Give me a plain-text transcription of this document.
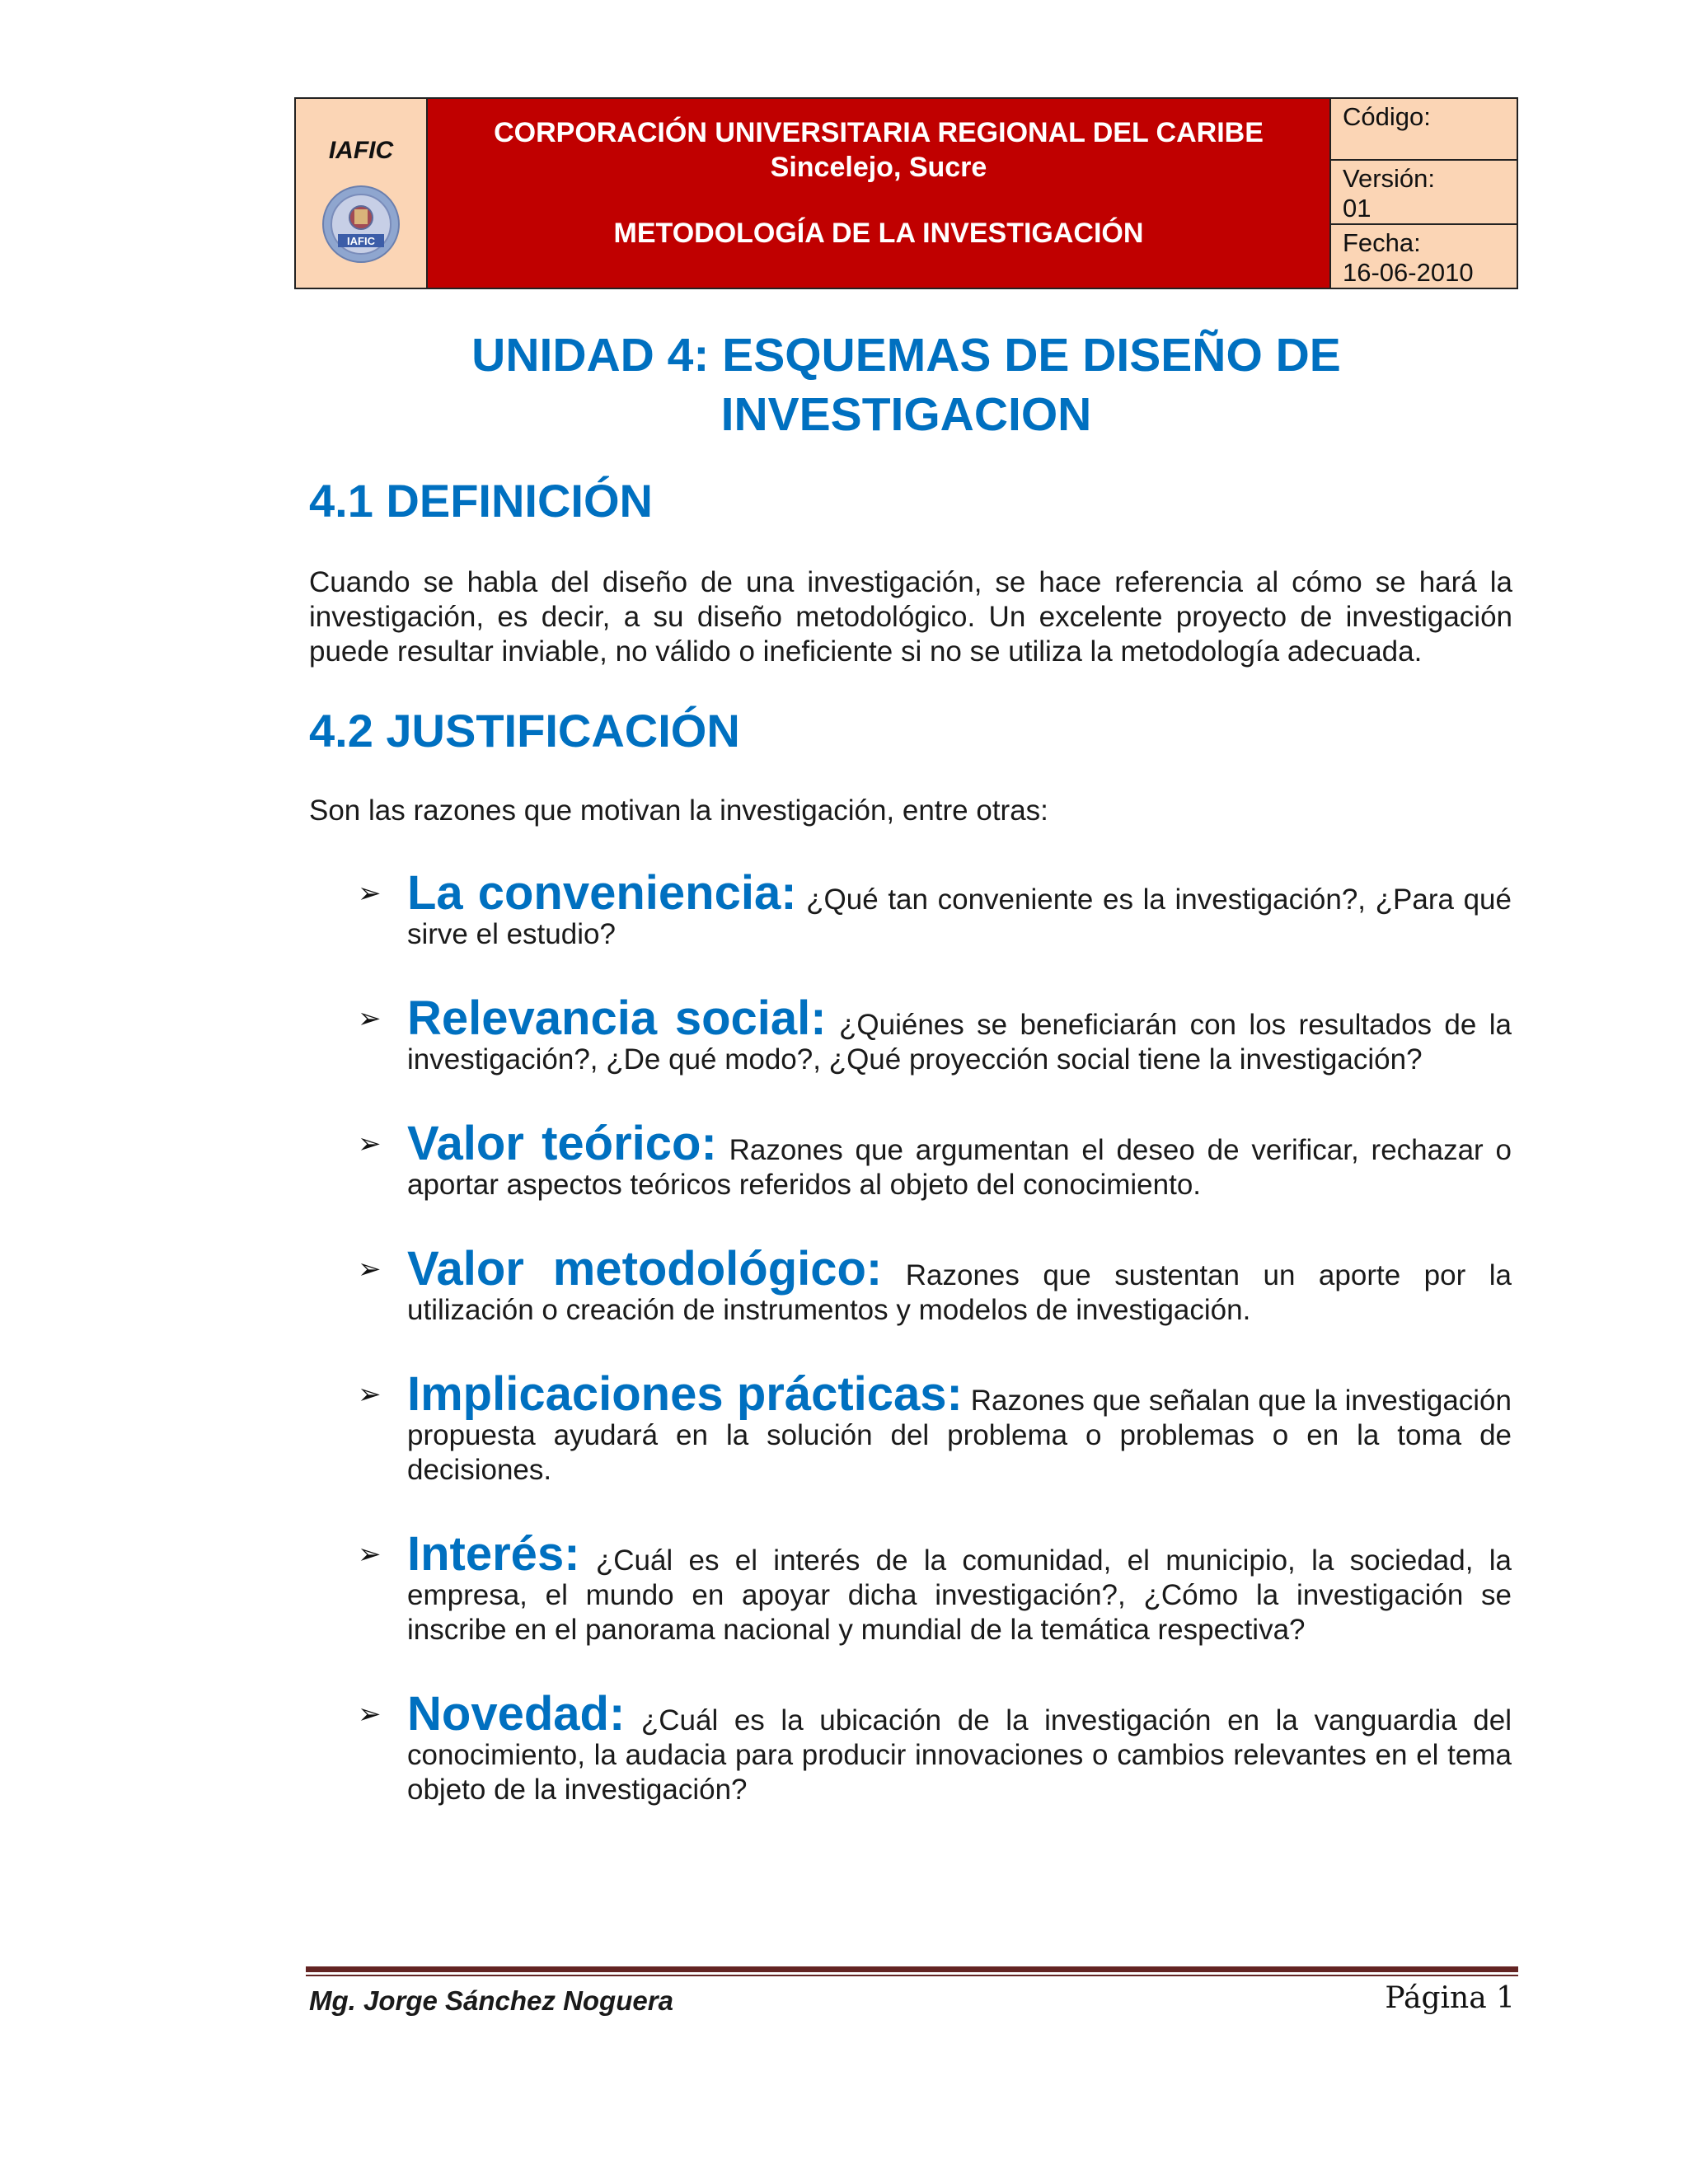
IAFIC
IAFIC
CORPORACIÓN UNIVERSITARIA REGIONAL DEL CARIBE
Sincelejo, Sucre
METODOLOGÍA DE LA INVESTIGACIÓN
Código:
Versión:
01
Fecha:
16-06-2010
UNIDAD 4: ESQUEMAS DE DISEÑO DE
INVESTIGACION
4.1 DEFINICIÓN

Cuando se habla del diseño de una investigación, se hace referencia al cómo se hará la investigación, es decir, a su diseño metodológico. Un excelente proyecto de investigación puede resultar inviable, no válido o ineficiente si no se utiliza la metodología adecuada.

4.2 JUSTIFICACIÓN

Son las razones que motivan la investigación, entre otras:

➢ La conveniencia: ¿Qué tan conveniente es la investigación?, ¿Para qué sirve el estudio?
➢ Relevancia social: ¿Quiénes se beneficiarán con los resultados de la investigación?, ¿De qué modo?, ¿Qué proyección social tiene la investigación?
➢ Valor teórico: Razones que argumentan el deseo de verificar, rechazar o aportar aspectos teóricos referidos al objeto del conocimiento.
➢ Valor metodológico: Razones que sustentan un aporte por la utilización o creación de instrumentos y modelos de investigación.
➢ Implicaciones prácticas: Razones que señalan que la investigación propuesta ayudará en la solución del problema o problemas o en la toma de decisiones.
➢ Interés: ¿Cuál es el interés de la comunidad, el municipio, la sociedad, la empresa, el mundo en apoyar dicha investigación?, ¿Cómo la investigación se inscribe en el panorama nacional y mundial de la temática respectiva?
➢ Novedad: ¿Cuál es la ubicación de la investigación en la vanguardia del conocimiento, la audacia para producir innovaciones o cambios relevantes en el tema objeto de la investigación?
Mg. Jorge Sánchez Noguera	Página 1
